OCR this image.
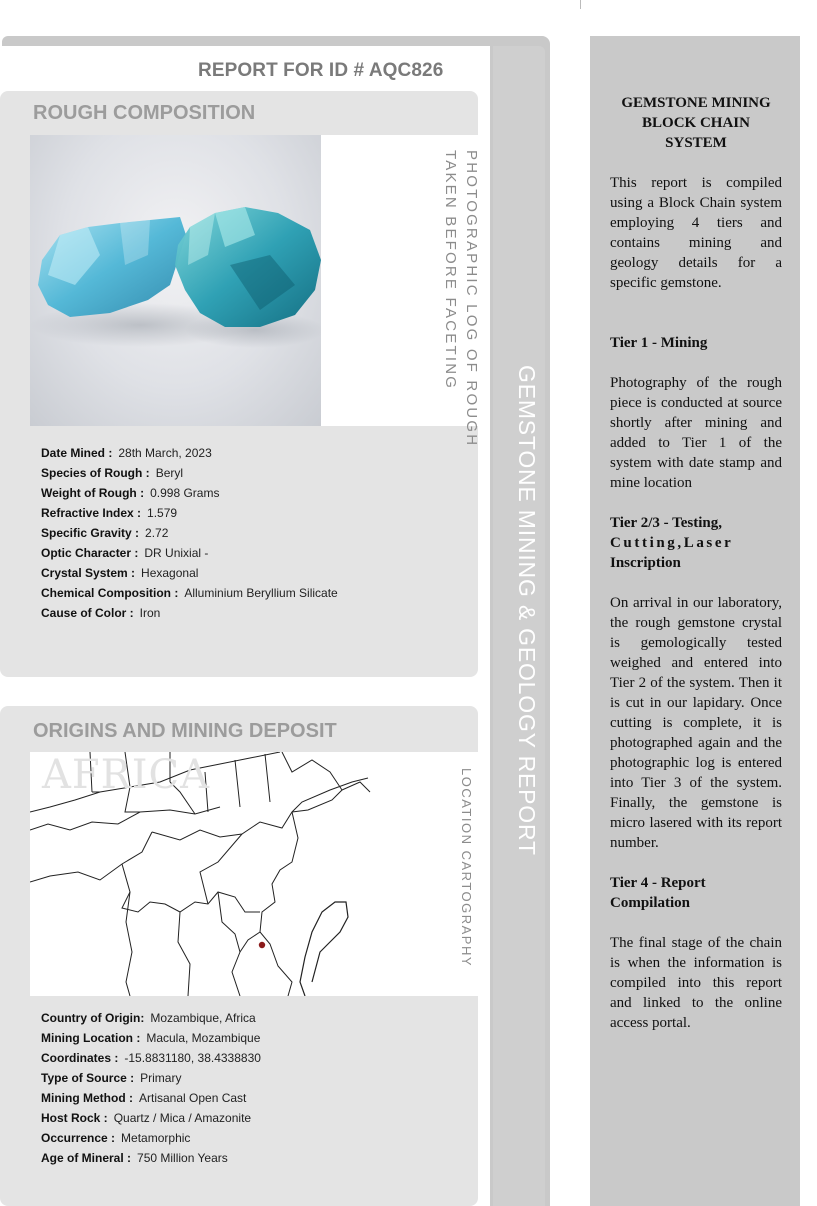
REPORT FOR ID # AQC826
GEMSTONE MINING & GEOLOGY REPORT
ROUGH COMPOSITION
PHOTOGRAPHIC LOG OF ROUGH
TAKEN BEFORE FACETING
Date Mined : 28th March, 2023
Species of Rough : Beryl
Weight of Rough : 0.998 Grams
Refractive Index : 1.579
Specific Gravity : 2.72
Optic Character : DR Unixial -
Crystal System : Hexagonal
Chemical Composition : Alluminium Beryllium Silicate
Cause of Color : Iron
ORIGINS AND MINING DEPOSIT
AFRICA	LOCATION CARTOGRAPHY
Country of Origin: Mozambique, Africa
Mining Location : Macula, Mozambique
Coordinates : -15.8831180, 38.4338830
Type of Source : Primary
Mining Method : Artisanal Open Cast
Host Rock : Quartz / Mica / Amazonite
Occurrence : Metamorphic
Age of Mineral : 750 Million Years
GEMSTONE MINING BLOCK CHAIN SYSTEM

This report is compiled using a Block Chain system employing 4 tiers and contains mining and geology details for a specific gemstone.

Tier 1 - Mining

Photography of the rough piece is conducted at source shortly after mining and added to Tier 1 of the system with date stamp and mine location

Tier 2/3 - Testing,
Cutting,Laser
Inscription

On arrival in our laboratory, the rough gemstone crystal is gemologically tested weighed and entered into Tier 2 of the system. Then it is cut in our lapidary. Once cutting is complete, it is photographed again and the photographic log is entered into Tier 3 of the system. Finally, the gemstone is micro lasered with its report number.

Tier 4 - Report Compilation

The final stage of the chain is when the information is compiled into this report and linked to the online access portal.
